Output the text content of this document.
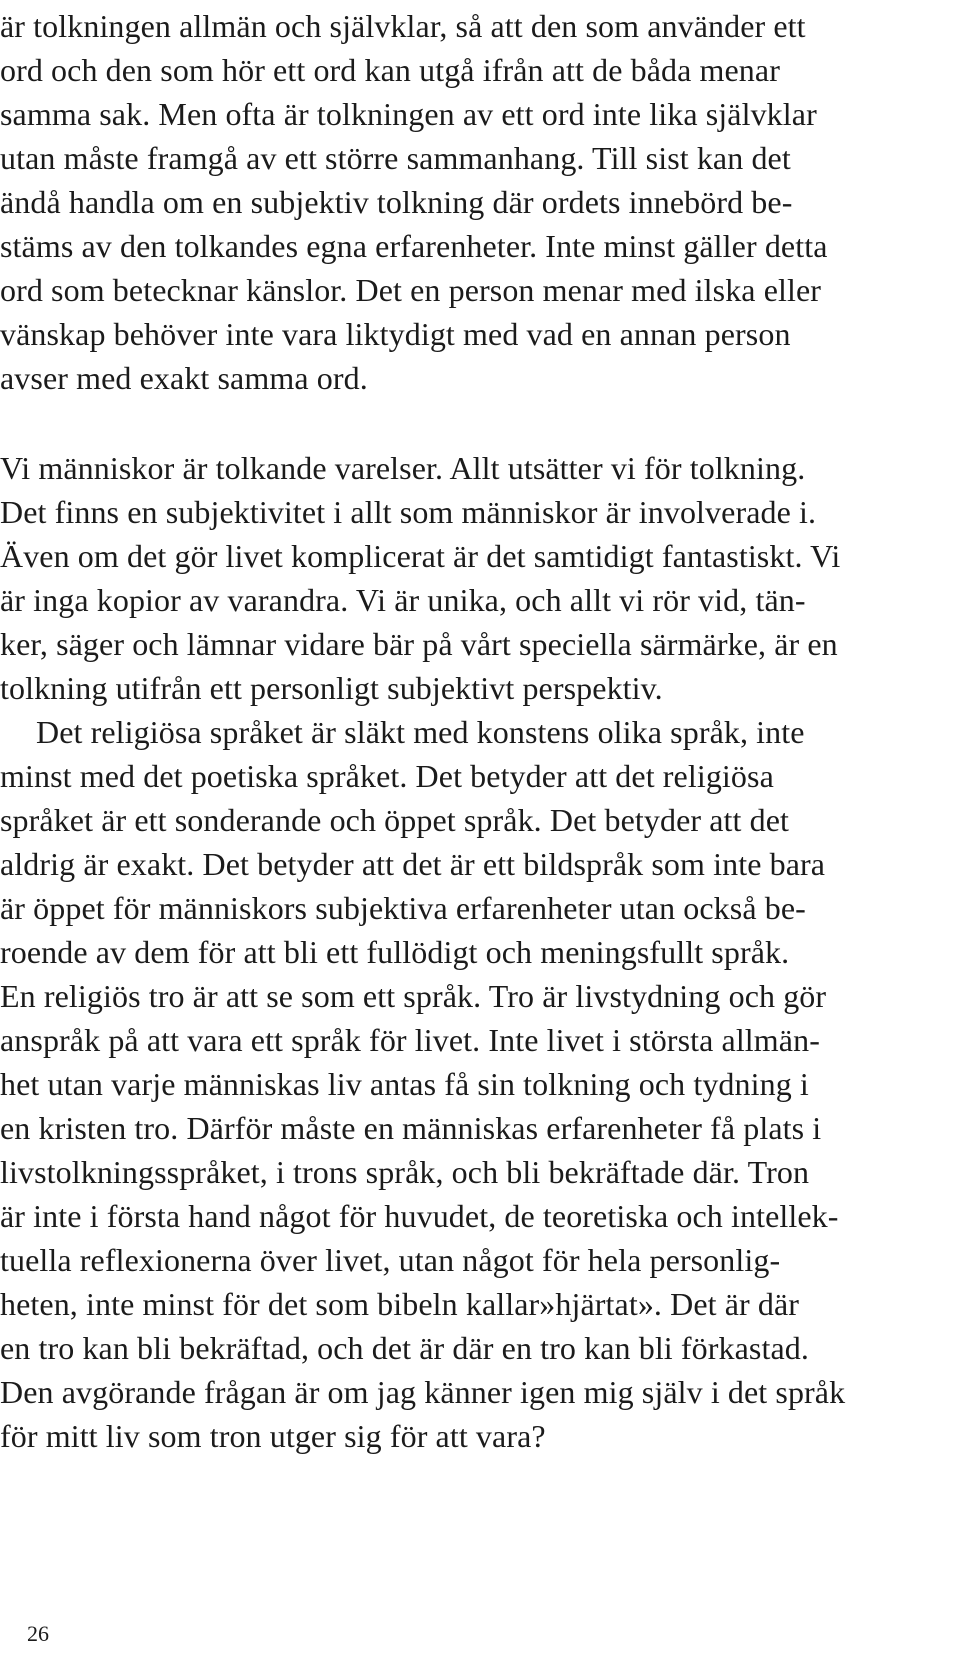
är tolkningen allmän och självklar, så att den som använder ett
ord och den som hör ett ord kan utgå ifrån att de båda menar
samma sak. Men ofta är tolkningen av ett ord inte lika självklar
utan måste framgå av ett större sammanhang. Till sist kan det
ändå handla om en subjektiv tolkning där ordets innebörd be-
stäms av den tolkandes egna erfarenheter. Inte minst gäller detta
ord som betecknar känslor. Det en person menar med ilska eller
vänskap behöver inte vara liktydigt med vad en annan person
avser med exakt samma ord.
Vi människor är tolkande varelser. Allt utsätter vi för tolkning.
Det finns en subjektivitet i allt som människor är involverade i.
Även om det gör livet komplicerat är det samtidigt fantastiskt. Vi
är inga kopior av varandra. Vi är unika, och allt vi rör vid, tän-
ker, säger och lämnar vidare bär på vårt speciella särmärke, är en
tolkning utifrån ett personligt subjektivt perspektiv.
Det religiösa språket är släkt med konstens olika språk, inte
minst med det poetiska språket. Det betyder att det religiösa
språket är ett sonderande och öppet språk. Det betyder att det
aldrig är exakt. Det betyder att det är ett bildspråk som inte bara
är öppet för människors subjektiva erfarenheter utan också be-
roende av dem för att bli ett fullödigt och meningsfullt språk.
En religiös tro är att se som ett språk. Tro är livstydning och gör
anspråk på att vara ett språk för livet. Inte livet i största allmän-
het utan varje människas liv antas få sin tolkning och tydning i
en kristen tro. Därför måste en människas erfarenheter få plats i
livstolkningsspråket, i trons språk, och bli bekräftade där. Tron
är inte i första hand något för huvudet, de teoretiska och intellek-
tuella reflexionerna över livet, utan något för hela personlig-
heten, inte minst för det som bibeln kallar»hjärtat». Det är där
en tro kan bli bekräftad, och det är där en tro kan bli förkastad.
Den avgörande frågan är om jag känner igen mig själv i det språk
för mitt liv som tron utger sig för att vara?
26
